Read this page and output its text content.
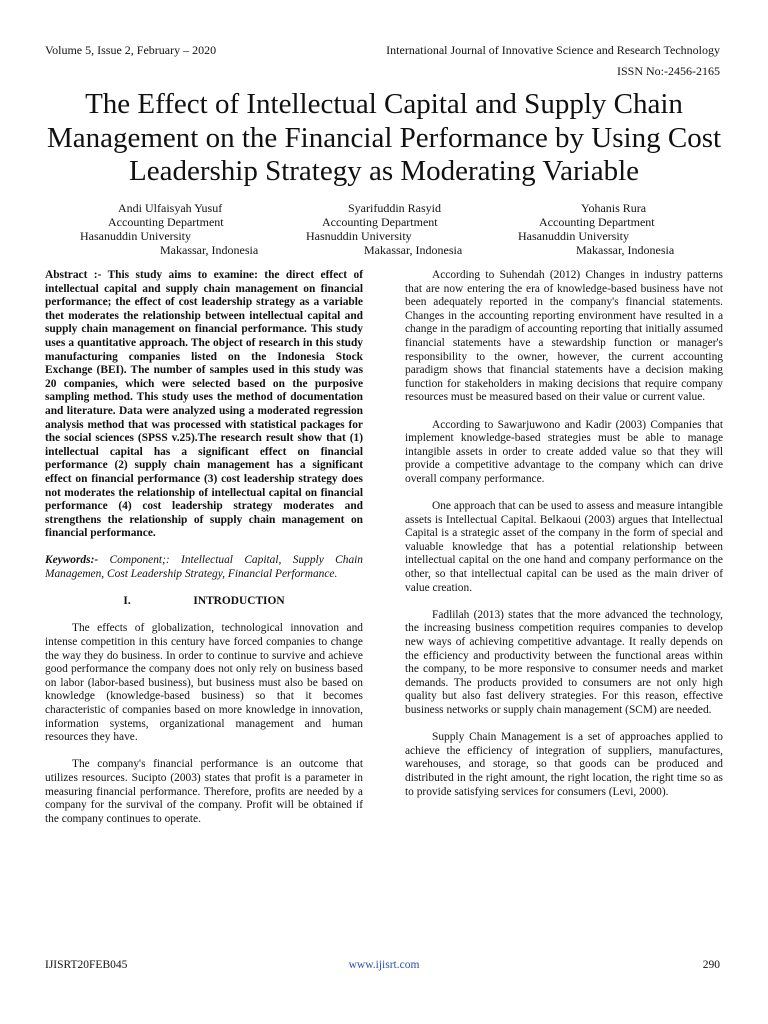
Volume 5, Issue 2, February – 2020	International Journal of Innovative Science and Research Technology
ISSN No:-2456-2165
The Effect of Intellectual Capital and Supply Chain Management on the Financial Performance by Using Cost Leadership Strategy as Moderating Variable
Andi Ulfaisyah Yusuf
Accounting Department
Hasanuddin University
Makassar, Indonesia
Syarifuddin Rasyid
Accounting Department
Hasnuddin University
Makassar, Indonesia
Yohanis Rura
Accounting Department
Hasanuddin University
Makassar, Indonesia

Abstract :- This study aims to examine: the direct effect of intellectual capital and supply chain management on financial performance; the effect of cost leadership strategy as a variable thet moderates the relationship between intellectual capital and supply chain management on financial performance. This study uses a quantitative approach. The object of research in this study manufacturing companies listed on the Indonesia Stock Exchange (BEI). The number of samples used in this study was 20 companies, which were selected based on the purposive sampling method. This study uses the method of documentation and literature. Data were analyzed using a moderated regression analysis method that was processed with statistical packages for the social sciences (SPSS v.25).The research result show that (1) intellectual capital has a significant effect on financial performance (2) supply chain management has a significant effect on financial performance (3) cost leadership strategy does not moderates the relationship of intellectual capital on financial performance (4) cost leadership strategy moderates and strengthens the relationship of supply chain management on financial performance.

Keywords:- Component;: Intellectual Capital, Supply Chain Managemen, Cost Leadership Strategy, Financial Performance.

I.	INTRODUCTION

The effects of globalization, technological innovation and intense competition in this century have forced companies to change the way they do business. In order to continue to survive and achieve good performance the company does not only rely on business based on labor (labor-based business), but business must also be based on knowledge (knowledge-based business) so that it becomes characteristic of companies based on more knowledge in innovation, information systems, organizational management and human resources they have.

The company's financial performance is an outcome that utilizes resources. Sucipto (2003) states that profit is a parameter in measuring financial performance. Therefore, profits are needed by a company for the survival of the company. Profit will be obtained if the company continues to operate.

According to Suhendah (2012) Changes in industry patterns that are now entering the era of knowledge-based business have not been adequately reported in the company's financial statements. Changes in the accounting reporting environment have resulted in a change in the paradigm of accounting reporting that initially assumed financial statements have a stewardship function or manager's responsibility to the owner, however, the current accounting paradigm shows that financial statements have a decision making function for stakeholders in making decisions that require company resources must be measured based on their value or current value.

According to Sawarjuwono and Kadir (2003) Companies that implement knowledge-based strategies must be able to manage intangible assets in order to create added value so that they will provide a competitive advantage to the company which can drive overall company performance.

One approach that can be used to assess and measure intangible assets is Intellectual Capital. Belkaoui (2003) argues that Intellectual Capital is a strategic asset of the company in the form of special and valuable knowledge that has a potential relationship between intellectual capital on the one hand and company performance on the other, so that intellectual capital can be used as the main driver of value creation.

Fadlilah (2013) states that the more advanced the technology, the increasing business competition requires companies to develop new ways of achieving competitive advantage. It really depends on the efficiency and productivity between the functional areas within the company, to be more responsive to consumer needs and market demands. The products provided to consumers are not only high quality but also fast delivery strategies. For this reason, effective business networks or supply chain management (SCM) are needed.

Supply Chain Management is a set of approaches applied to achieve the efficiency of integration of suppliers, manufactures, warehouses, and storage, so that goods can be produced and distributed in the right amount, the right location, the right time so as to provide satisfying services for consumers (Levi, 2000).

IJISRT20FEB045	www.ijisrt.com	290
